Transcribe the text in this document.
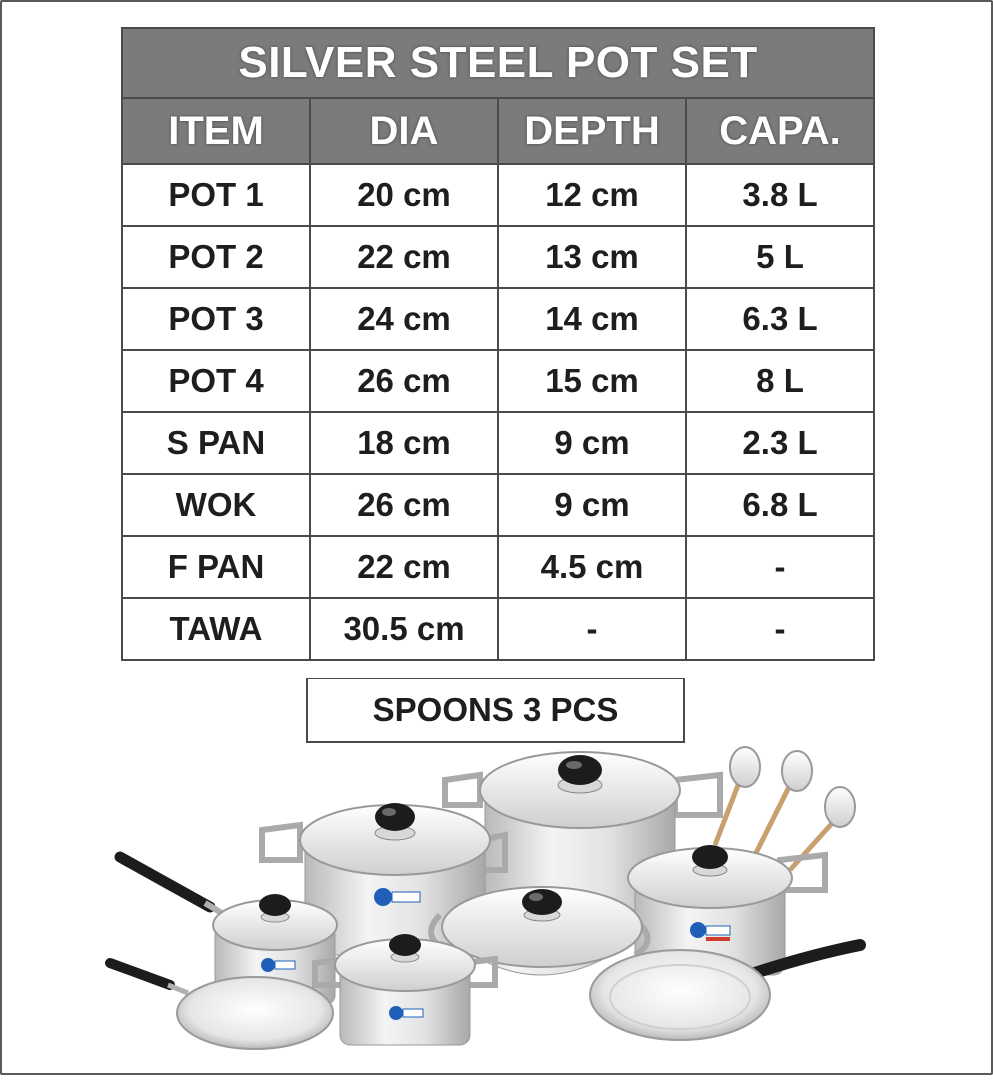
SILVER STEEL POT SET			
ITEM	DIA	DEPTH	CAPA.
POT 1	20 cm	12 cm	3.8 L
POT 2	22 cm	13 cm	5 L
POT 3	24 cm	14 cm	6.3 L
POT 4	26 cm	15 cm	8 L
S PAN	18 cm	9 cm	2.3 L
WOK	26 cm	9 cm	6.8 L
F PAN	22 cm	4.5 cm	-
TAWA	30.5 cm	-	-
SPOONS 3 PCS
